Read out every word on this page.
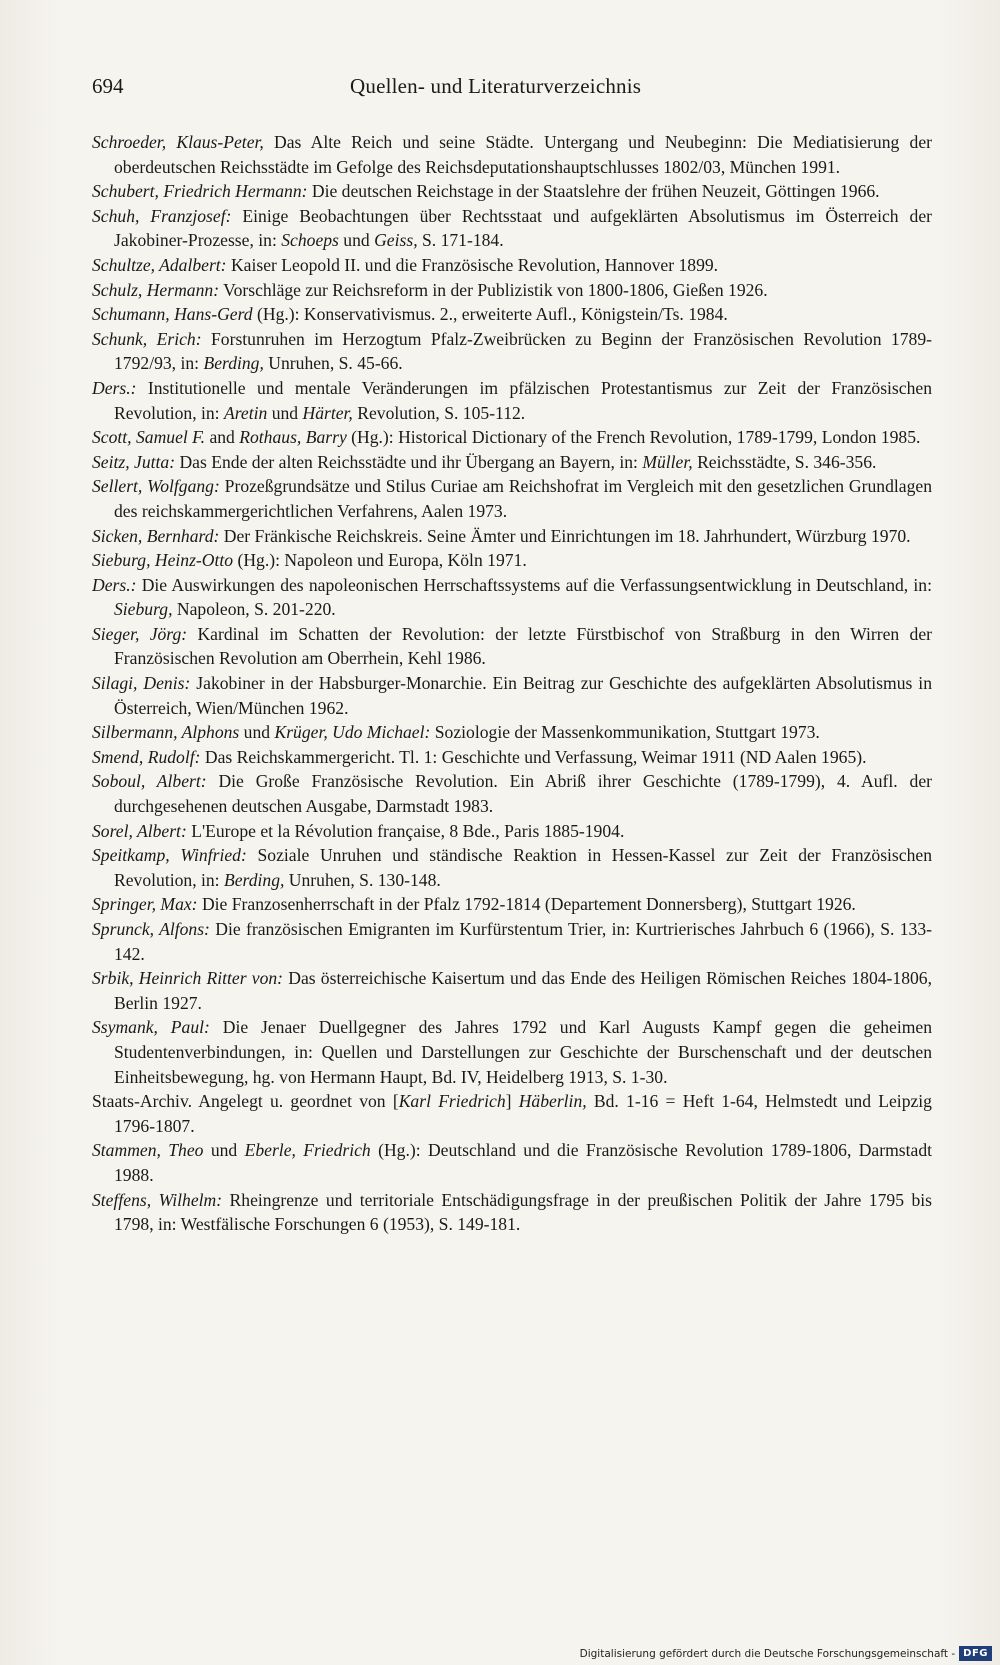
694	Quellen- und Literaturverzeichnis

Schroeder, Klaus-Peter, Das Alte Reich und seine Städte. Untergang und Neubeginn: Die Mediatisierung der oberdeutschen Reichsstädte im Gefolge des Reichsdeputationshauptschlusses 1802/03, München 1991.

Schubert, Friedrich Hermann: Die deutschen Reichstage in der Staatslehre der frühen Neuzeit, Göttingen 1966.

Schuh, Franzjosef: Einige Beobachtungen über Rechtsstaat und aufgeklärten Absolutismus im Österreich der Jakobiner-Prozesse, in: Schoeps und Geiss, S. 171-184.

Schultze, Adalbert: Kaiser Leopold II. und die Französische Revolution, Hannover 1899.

Schulz, Hermann: Vorschläge zur Reichsreform in der Publizistik von 1800-1806, Gießen 1926.

Schumann, Hans-Gerd (Hg.): Konservativismus. 2., erweiterte Aufl., Königstein/Ts. 1984.

Schunk, Erich: Forstunruhen im Herzogtum Pfalz-Zweibrücken zu Beginn der Französischen Revolution 1789-1792/93, in: Berding, Unruhen, S. 45-66.

Ders.: Institutionelle und mentale Veränderungen im pfälzischen Protestantismus zur Zeit der Französischen Revolution, in: Aretin und Härter, Revolution, S. 105-112.

Scott, Samuel F. and Rothaus, Barry (Hg.): Historical Dictionary of the French Revolution, 1789-1799, London 1985.

Seitz, Jutta: Das Ende der alten Reichsstädte und ihr Übergang an Bayern, in: Müller, Reichsstädte, S. 346-356.

Sellert, Wolfgang: Prozeßgrundsätze und Stilus Curiae am Reichshofrat im Vergleich mit den gesetzlichen Grundlagen des reichskammergerichtlichen Verfahrens, Aalen 1973.

Sicken, Bernhard: Der Fränkische Reichskreis. Seine Ämter und Einrichtungen im 18. Jahrhundert, Würzburg 1970.

Sieburg, Heinz-Otto (Hg.): Napoleon und Europa, Köln 1971.

Ders.: Die Auswirkungen des napoleonischen Herrschaftssystems auf die Verfassungsentwicklung in Deutschland, in: Sieburg, Napoleon, S. 201-220.

Sieger, Jörg: Kardinal im Schatten der Revolution: der letzte Fürstbischof von Straßburg in den Wirren der Französischen Revolution am Oberrhein, Kehl 1986.

Silagi, Denis: Jakobiner in der Habsburger-Monarchie. Ein Beitrag zur Geschichte des aufgeklärten Absolutismus in Österreich, Wien/München 1962.

Silbermann, Alphons und Krüger, Udo Michael: Soziologie der Massenkommunikation, Stuttgart 1973.

Smend, Rudolf: Das Reichskammergericht. Tl. 1: Geschichte und Verfassung, Weimar 1911 (ND Aalen 1965).

Soboul, Albert: Die Große Französische Revolution. Ein Abriß ihrer Geschichte (1789-1799), 4. Aufl. der durchgesehenen deutschen Ausgabe, Darmstadt 1983.

Sorel, Albert: L'Europe et la Révolution française, 8 Bde., Paris 1885-1904.

Speitkamp, Winfried: Soziale Unruhen und ständische Reaktion in Hessen-Kassel zur Zeit der Französischen Revolution, in: Berding, Unruhen, S. 130-148.

Springer, Max: Die Franzosenherrschaft in der Pfalz 1792-1814 (Departement Donnersberg), Stuttgart 1926.

Sprunck, Alfons: Die französischen Emigranten im Kurfürstentum Trier, in: Kurtrierisches Jahrbuch 6 (1966), S. 133-142.

Srbik, Heinrich Ritter von: Das österreichische Kaisertum und das Ende des Heiligen Römischen Reiches 1804-1806, Berlin 1927.

Ssymank, Paul: Die Jenaer Duellgegner des Jahres 1792 und Karl Augusts Kampf gegen die geheimen Studentenverbindungen, in: Quellen und Darstellungen zur Geschichte der Burschenschaft und der deutschen Einheitsbewegung, hg. von Hermann Haupt, Bd. IV, Heidelberg 1913, S. 1-30.

Staats-Archiv. Angelegt u. geordnet von [Karl Friedrich] Häberlin, Bd. 1-16 = Heft 1-64, Helmstedt und Leipzig 1796-1807.

Stammen, Theo und Eberle, Friedrich (Hg.): Deutschland und die Französische Revolution 1789-1806, Darmstadt 1988.

Steffens, Wilhelm: Rheingrenze und territoriale Entschädigungsfrage in der preußischen Politik der Jahre 1795 bis 1798, in: Westfälische Forschungen 6 (1953), S. 149-181.

Digitalisierung gefördert durch die Deutsche Forschungsgemeinschaft - DFG
